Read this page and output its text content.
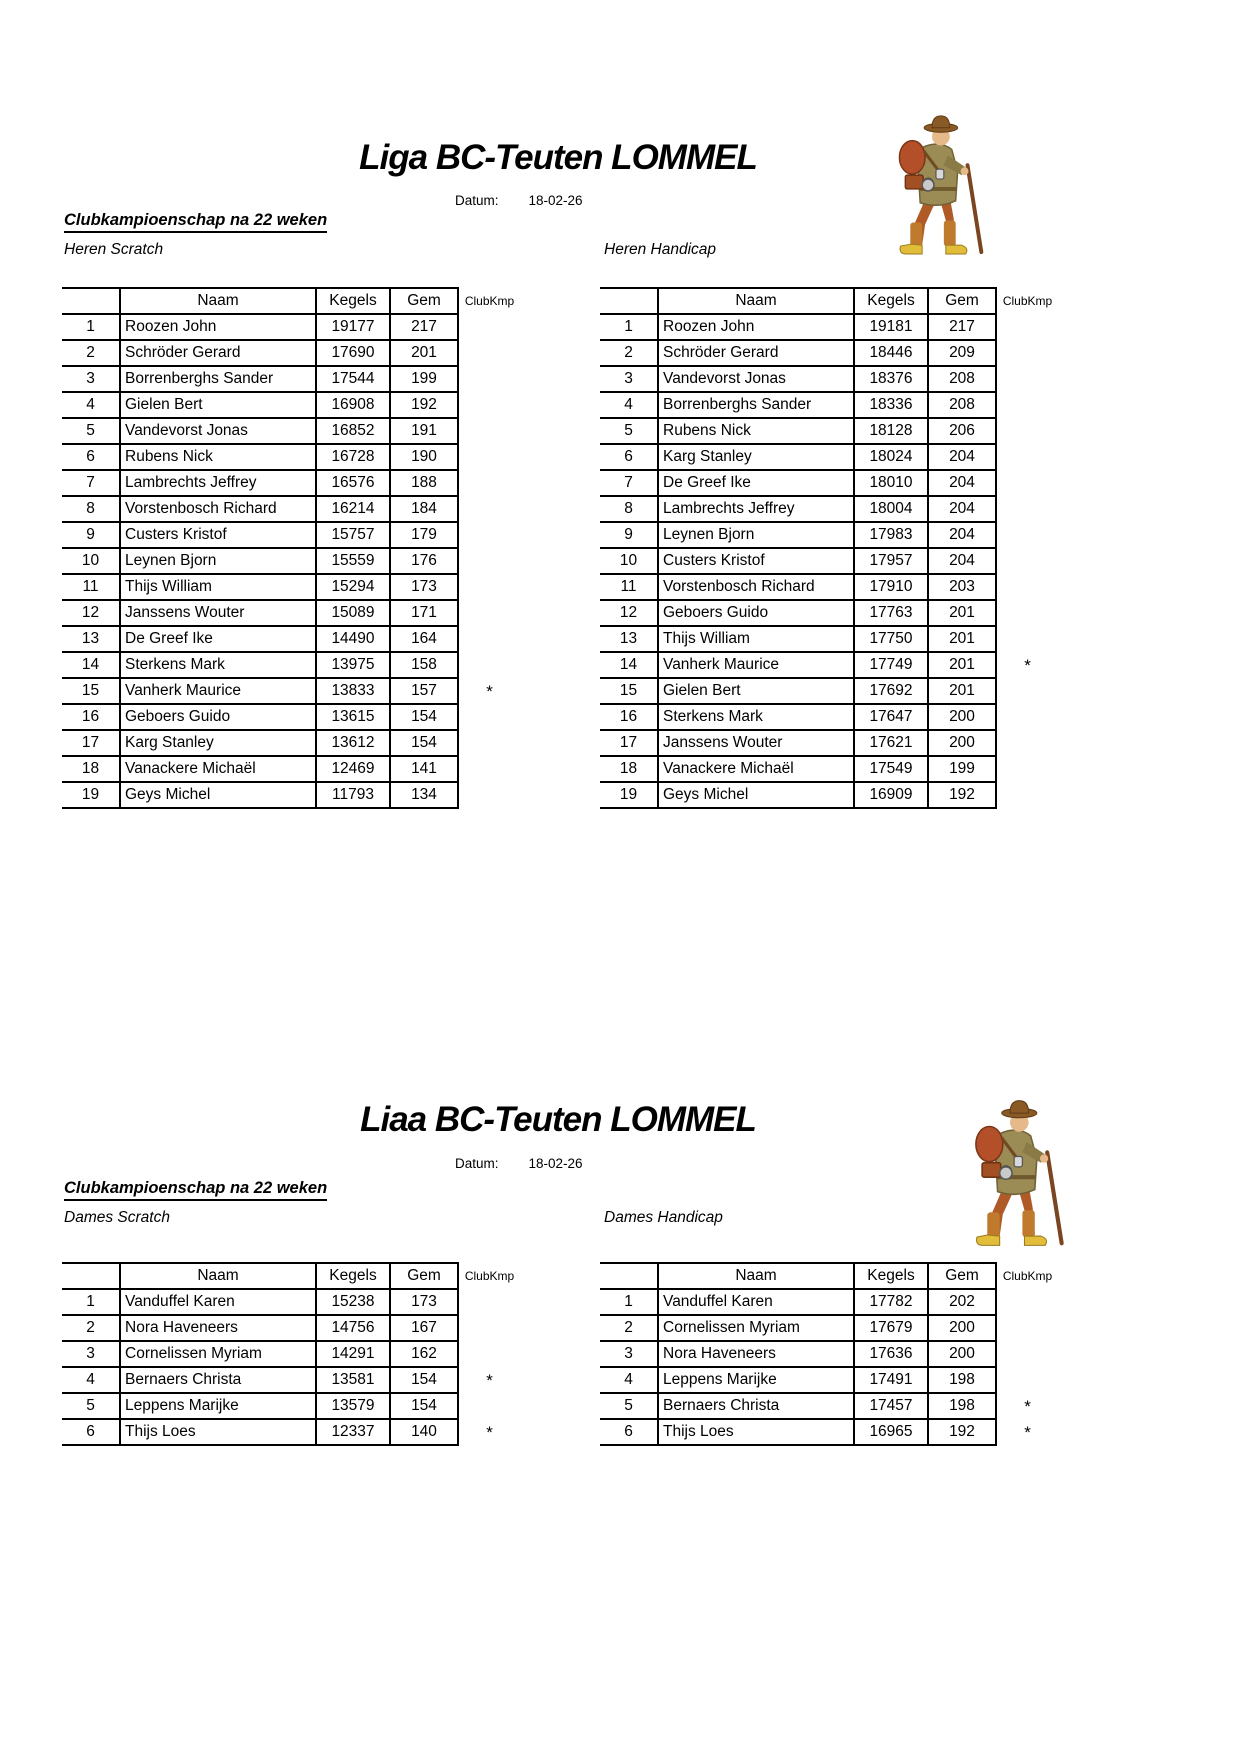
Liga BC-Teuten LOMMEL
Datum: 18-02-26
Clubkampioenschap na 22 weken
Heren Scratch	Heren Handicap
	Naam	Kegels	Gem	ClubKmp
1	Roozen John	19177	217	
2	Schröder Gerard	17690	201	
3	Borrenberghs Sander	17544	199	
4	Gielen Bert	16908	192	
5	Vandevorst Jonas	16852	191	
6	Rubens Nick	16728	190	
7	Lambrechts Jeffrey	16576	188	
8	Vorstenbosch Richard	16214	184	
9	Custers Kristof	15757	179	
10	Leynen Bjorn	15559	176	
11	Thijs William	15294	173	
12	Janssens Wouter	15089	171	
13	De Greef Ike	14490	164	
14	Sterkens Mark	13975	158	
15	Vanherk Maurice	13833	157	*
16	Geboers Guido	13615	154	
17	Karg Stanley	13612	154	
18	Vanackere Michaël	12469	141	
19	Geys Michel	11793	134	
	Naam	Kegels	Gem	ClubKmp
1	Roozen John	19181	217	
2	Schröder Gerard	18446	209	
3	Vandevorst Jonas	18376	208	
4	Borrenberghs Sander	18336	208	
5	Rubens Nick	18128	206	
6	Karg Stanley	18024	204	
7	De Greef Ike	18010	204	
8	Lambrechts Jeffrey	18004	204	
9	Leynen Bjorn	17983	204	
10	Custers Kristof	17957	204	
11	Vorstenbosch Richard	17910	203	
12	Geboers Guido	17763	201	
13	Thijs William	17750	201	
14	Vanherk Maurice	17749	201	*
15	Gielen Bert	17692	201	
16	Sterkens Mark	17647	200	
17	Janssens Wouter	17621	200	
18	Vanackere Michaël	17549	199	
19	Geys Michel	16909	192	
Liaa BC-Teuten LOMMEL
Datum: 18-02-26
Clubkampioenschap na 22 weken
Dames Scratch	Dames Handicap
	Naam	Kegels	Gem	ClubKmp
1	Vanduffel Karen	15238	173	
2	Nora Haveneers	14756	167	
3	Cornelissen Myriam	14291	162	
4	Bernaers Christa	13581	154	*
5	Leppens Marijke	13579	154	
6	Thijs Loes	12337	140	*
	Naam	Kegels	Gem	ClubKmp
1	Vanduffel Karen	17782	202	
2	Cornelissen Myriam	17679	200	
3	Nora Haveneers	17636	200	
4	Leppens Marijke	17491	198	
5	Bernaers Christa	17457	198	*
6	Thijs Loes	16965	192	*
